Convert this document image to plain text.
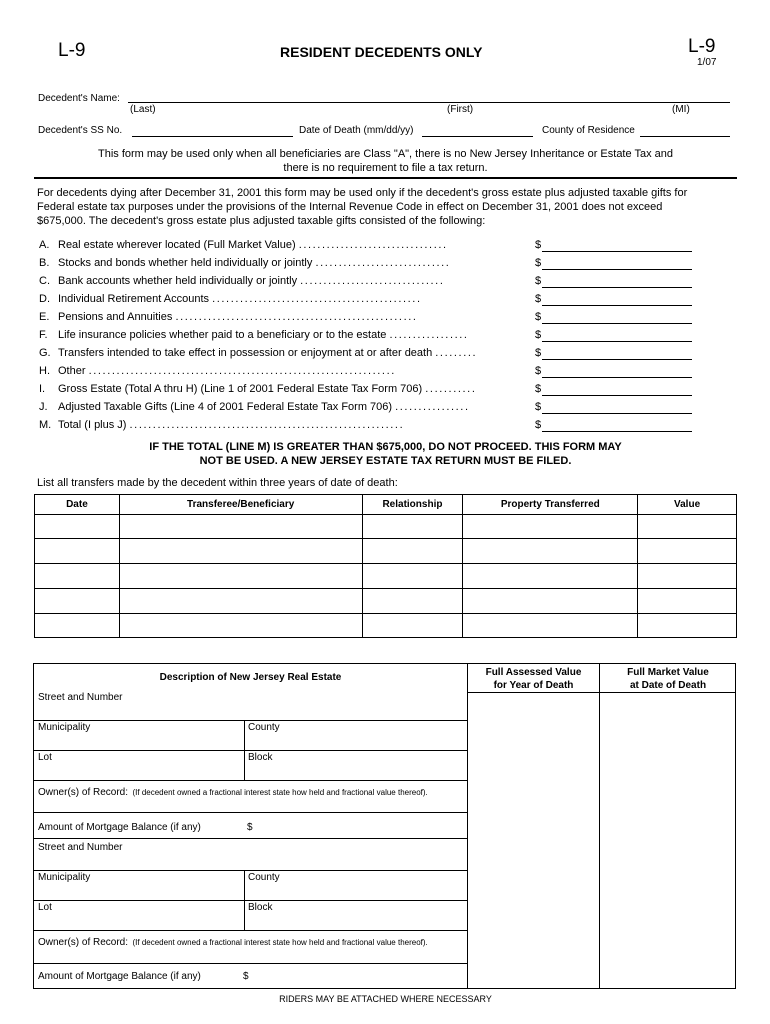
L-9	RESIDENT DECEDENTS ONLY	L-9
1/07
Decedent's Name:
(Last)	(First)	(MI)
Decedent's SS No.	Date of Death (mm/dd/yy)	County of Residence
This form may be used only when all beneficiaries are Class "A", there is no New Jersey Inheritance or Estate Tax and
there is no requirement to file a tax return.
For decedents dying after December 31, 2001 this form may be used only if the decedent's gross estate plus adjusted taxable gifts for
Federal estate tax purposes under the provisions of the Internal Revenue Code in effect on December 31, 2001 does not exceed
$675,000. The decedent's gross estate plus adjusted taxable gifts consisted of the following:
A. Real estate wherever located (Full Market Value) ................................	$
B. Stocks and bonds whether held individually or jointly .............................	$
C. Bank accounts whether held individually or jointly ...............................	$
D. Individual Retirement Accounts .............................................	$
E. Pensions and Annuities ....................................................	$
F. Life insurance policies whether paid to a beneficiary or to the estate .................	$
G. Transfers intended to take effect in possession or enjoyment at or after death .........	$
H. Other ..................................................................	$
I. Gross Estate (Total A thru H) (Line 1 of 2001 Federal Estate Tax Form 706) ...........	$
J. Adjusted Taxable Gifts (Line 4 of 2001 Federal Estate Tax Form 706) ................	$
M. Total (I plus J) ...........................................................	$
IF THE TOTAL (LINE M) IS GREATER THAN $675,000, DO NOT PROCEED. THIS FORM MAY
NOT BE USED. A NEW JERSEY ESTATE TAX RETURN MUST BE FILED.
List all transfers made by the decedent within three years of date of death:
Date	Transferee/Beneficiary	Relationship	Property Transferred	Value

Description of New Jersey Real Estate	Full Assessed Value
for Year of Death
Full Market Value
at Date of Death
Street and Number
Municipality	County
Lot	Block
Owner(s) of Record: (If decedent owned a fractional interest state how held and fractional value thereof).
Amount of Mortgage Balance (if any)	$
Street and Number
Municipality	County
Lot	Block
Owner(s) of Record: (If decedent owned a fractional interest state how held and fractional value thereof).
Amount of Mortgage Balance (if any)	$
RIDERS MAY BE ATTACHED WHERE NECESSARY
